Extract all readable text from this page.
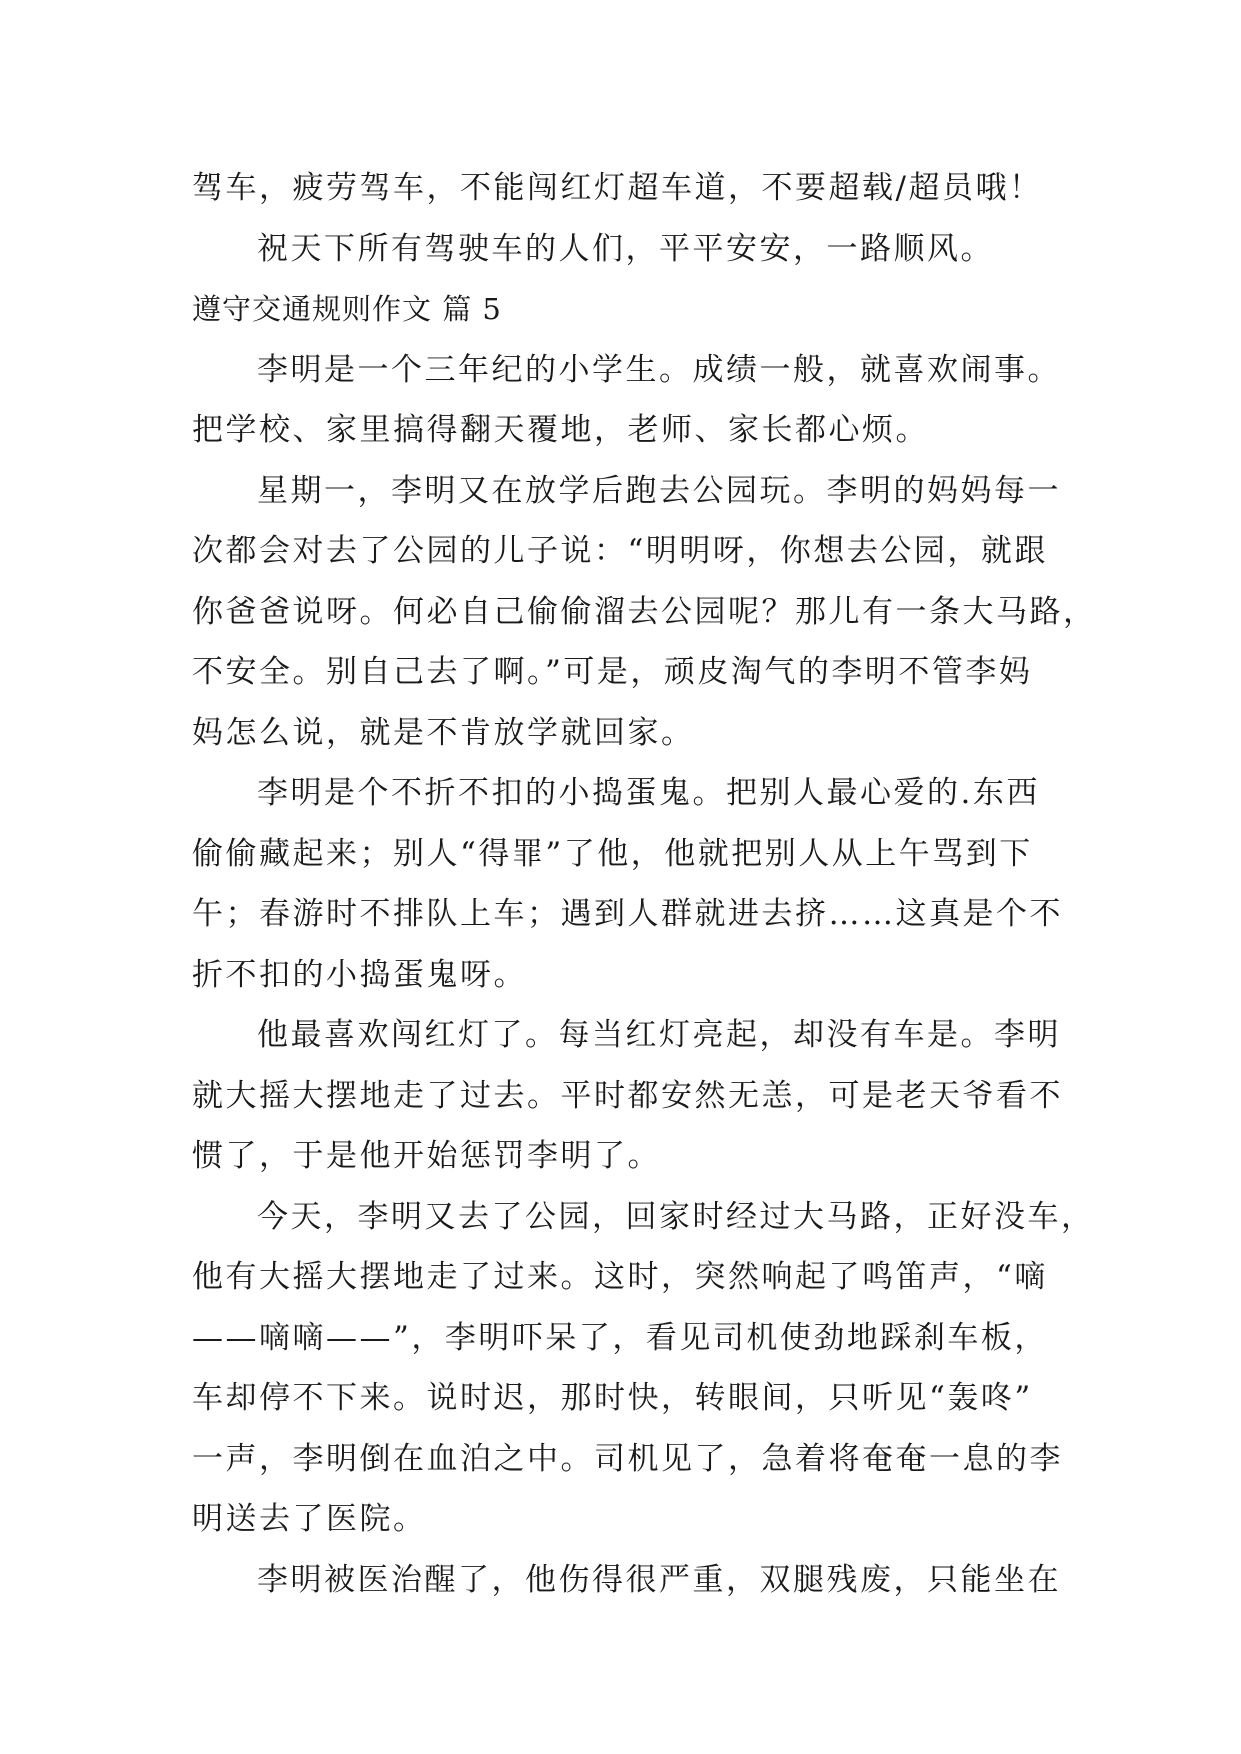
驾车，疲劳驾车，不能闯红灯超车道，不要超载/超员哦！
祝天下所有驾驶车的人们，平平安安，一路顺风。
遵守交通规则作文 篇 5
李明是一个三年纪的小学生。成绩一般，就喜欢闹事。
把学校、家里搞得翻天覆地，老师、家长都心烦。
星期一，李明又在放学后跑去公园玩。李明的妈妈每一
次都会对去了公园的儿子说：“明明呀，你想去公园，就跟
你爸爸说呀。何必自己偷偷溜去公园呢？那儿有一条大马路，
不安全。别自己去了啊。”可是，顽皮淘气的李明不管李妈
妈怎么说，就是不肯放学就回家。
李明是个不折不扣的小捣蛋鬼。把别人最心爱的.东西
偷偷藏起来；别人“得罪”了他，他就把别人从上午骂到下
午；春游时不排队上车；遇到人群就进去挤……这真是个不
折不扣的小捣蛋鬼呀。
他最喜欢闯红灯了。每当红灯亮起，却没有车是。李明
就大摇大摆地走了过去。平时都安然无恙，可是老天爷看不
惯了，于是他开始惩罚李明了。
今天，李明又去了公园，回家时经过大马路，正好没车，
他有大摇大摆地走了过来。这时，突然响起了鸣笛声，“嘀
——嘀嘀——”，李明吓呆了，看见司机使劲地踩刹车板，
车却停不下来。说时迟，那时快，转眼间，只听见“轰咚”
一声，李明倒在血泊之中。司机见了，急着将奄奄一息的李
明送去了医院。
李明被医治醒了，他伤得很严重，双腿残废，只能坐在
